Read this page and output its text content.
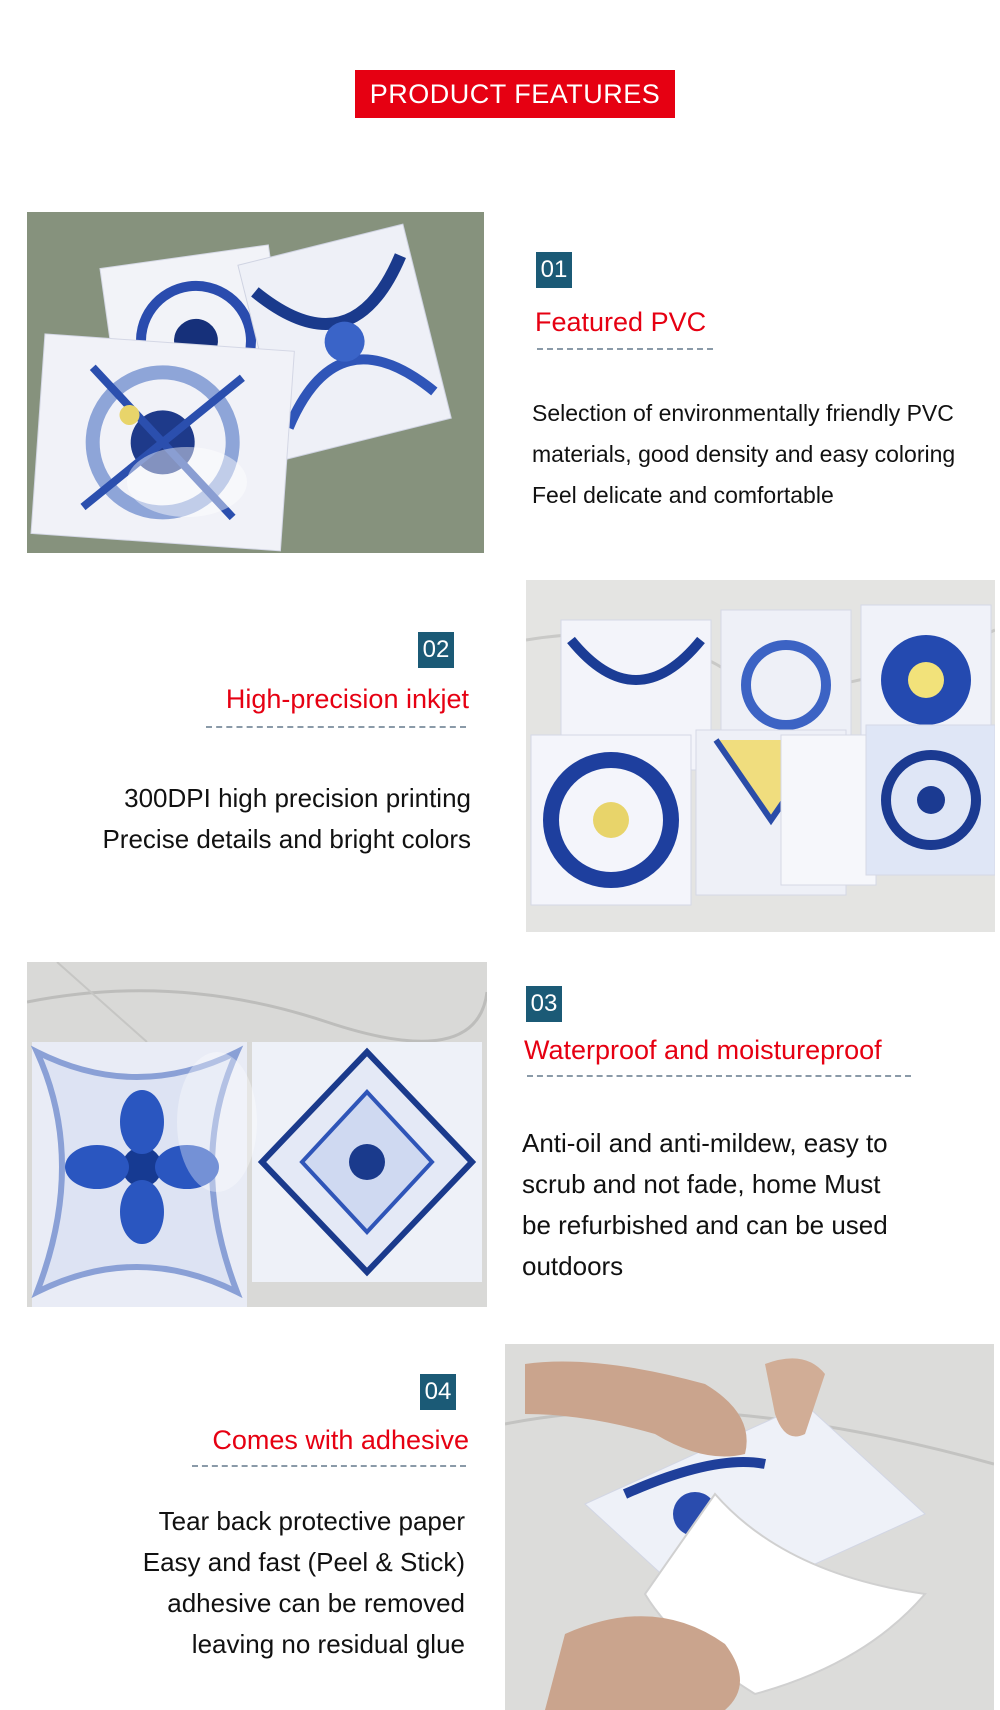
PRODUCT FEATURES
01
Featured PVC
Selection of environmentally friendly PVC
materials, good density and easy coloring
Feel delicate and comfortable
02
High-precision inkjet
300DPI high precision printing
Precise details and bright colors
03
Waterproof and moistureproof
Anti-oil and anti-mildew, easy to
scrub and not fade, home Must
be refurbished and can be used
outdoors
04
Comes with adhesive
Tear back protective paper
Easy and fast (Peel & Stick)
adhesive can be removed
leaving no residual glue
